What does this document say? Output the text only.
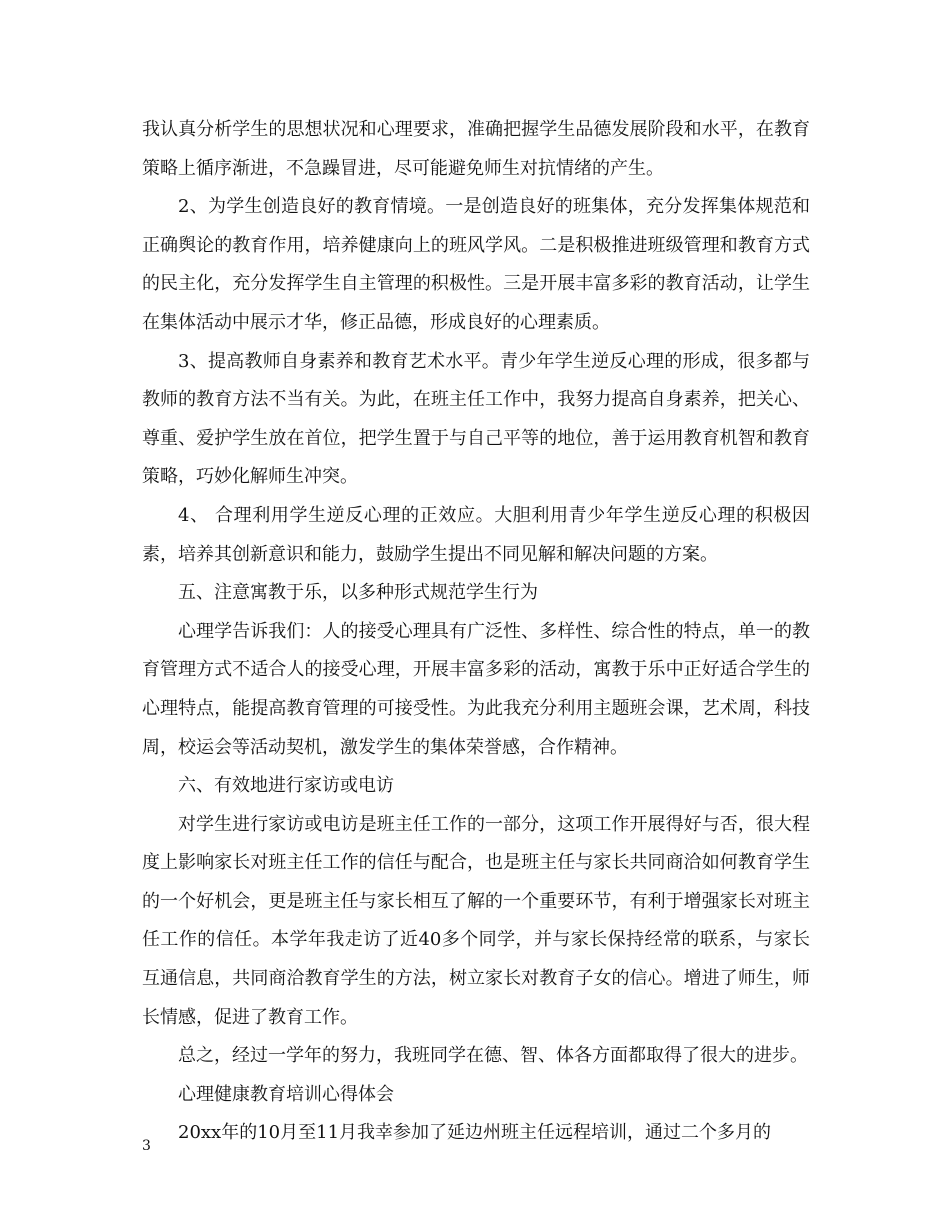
我认真分析学生的思想状况和心理要求，准确把握学生品德发展阶段和水平，在教育策略上循序渐进，不急躁冒进，尽可能避免师生对抗情绪的产生。

2、为学生创造良好的教育情境。一是创造良好的班集体，充分发挥集体规范和正确舆论的教育作用，培养健康向上的班风学风。二是积极推进班级管理和教育方式的民主化，充分发挥学生自主管理的积极性。三是开展丰富多彩的教育活动，让学生在集体活动中展示才华，修正品德，形成良好的心理素质。

3、提高教师自身素养和教育艺术水平。青少年学生逆反心理的形成，很多都与教师的教育方法不当有关。为此，在班主任工作中，我努力提高自身素养，把关心、尊重、爱护学生放在首位，把学生置于与自己平等的地位，善于运用教育机智和教育策略，巧妙化解师生冲突。

4、 合理利用学生逆反心理的正效应。大胆利用青少年学生逆反心理的积极因素，培养其创新意识和能力，鼓励学生提出不同见解和解决问题的方案。

五、注意寓教于乐，以多种形式规范学生行为

心理学告诉我们：人的接受心理具有广泛性、多样性、综合性的特点，单一的教育管理方式不适合人的接受心理，开展丰富多彩的活动，寓教于乐中正好适合学生的心理特点，能提高教育管理的可接受性。为此我充分利用主题班会课，艺术周，科技周，校运会等活动契机，激发学生的集体荣誉感，合作精神。

六、有效地进行家访或电访

对学生进行家访或电访是班主任工作的一部分，这项工作开展得好与否，很大程度上影响家长对班主任工作的信任与配合，也是班主任与家长共同商洽如何教育学生的一个好机会，更是班主任与家长相互了解的一个重要环节，有利于增强家长对班主任工作的信任。本学年我走访了近40多个同学，并与家长保持经常的联系，与家长互通信息，共同商洽教育学生的方法，树立家长对教育子女的信心。增进了师生，师长情感，促进了教育工作。

总之，经过一学年的努力，我班同学在德、智、体各方面都取得了很大的进步。

心理健康教育培训心得体会

20xx年的10月至11月我幸参加了延边州班主任远程培训，通过二个多月的

3
